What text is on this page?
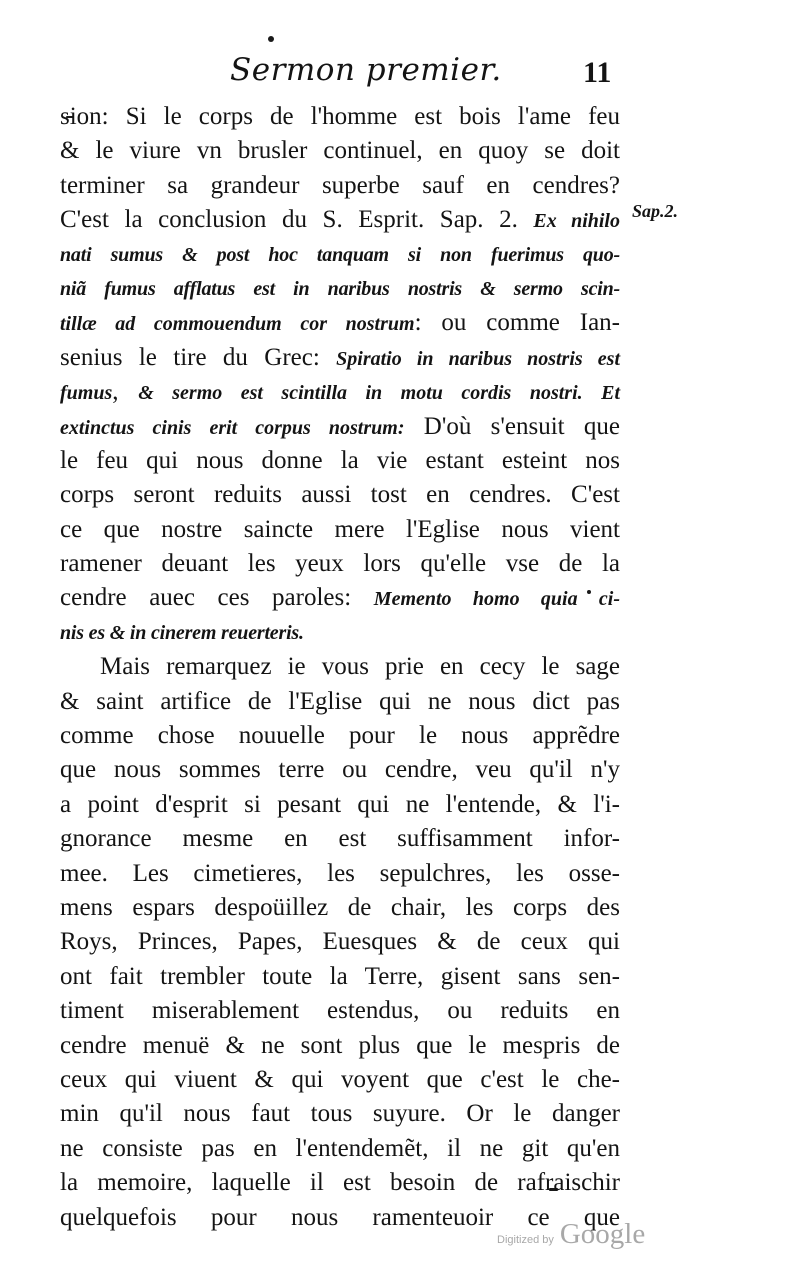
Sermon premier.	11
Sap.2.
sion: Si le corps de l'homme est bois l'ame feu
& le viure vn brusler continuel, en quoy se doit
terminer sa grandeur superbe sauf en cendres?
C'est la conclusion du S. Esprit. Sap. 2. Ex nihilo
nati sumus & post hoc tanquam si non fuerimus quo-
niã fumus afflatus est in naribus nostris & sermo scin-
tillæ ad commouendum cor nostrum: ou comme Ian-
senius le tire du Grec: Spiratio in naribus nostris est
fumus, & sermo est scintilla in motu cordis nostri. Et
extinctus cinis erit corpus nostrum: D'où s'ensuit que
le feu qui nous donne la vie estant esteint nos
corps seront reduits aussi tost en cendres. C'est
ce que nostre saincte mere l'Eglise nous vient
ramener deuant les yeux lors qu'elle vse de la
cendre auec ces paroles: Memento homo quia ci-
nis es & in cinerem reuerteris.
Mais remarquez ie vous prie en cecy le sage
& saint artifice de l'Eglise qui ne nous dict pas
comme chose nouuelle pour le nous apprẽdre
que nous sommes terre ou cendre, veu qu'il n'y
a point d'esprit si pesant qui ne l'entende, & l'i-
gnorance mesme en est suffisamment infor-
mee. Les cimetieres, les sepulchres, les osse-
mens espars despoüillez de chair, les corps des
Roys, Princes, Papes, Euesques & de ceux qui
ont fait trembler toute la Terre, gisent sans sen-
timent miserablement estendus, ou reduits en
cendre menuë & ne sont plus que le mespris de
ceux qui viuent & qui voyent que c'est le che-
min qu'il nous faut tous suyure. Or le danger
ne consiste pas en l'entendemẽt, il ne git qu'en
la memoire, laquelle il est besoin de rafraischir
quelquefois pour nous ramenteuoir ce que
Digitized by Google
